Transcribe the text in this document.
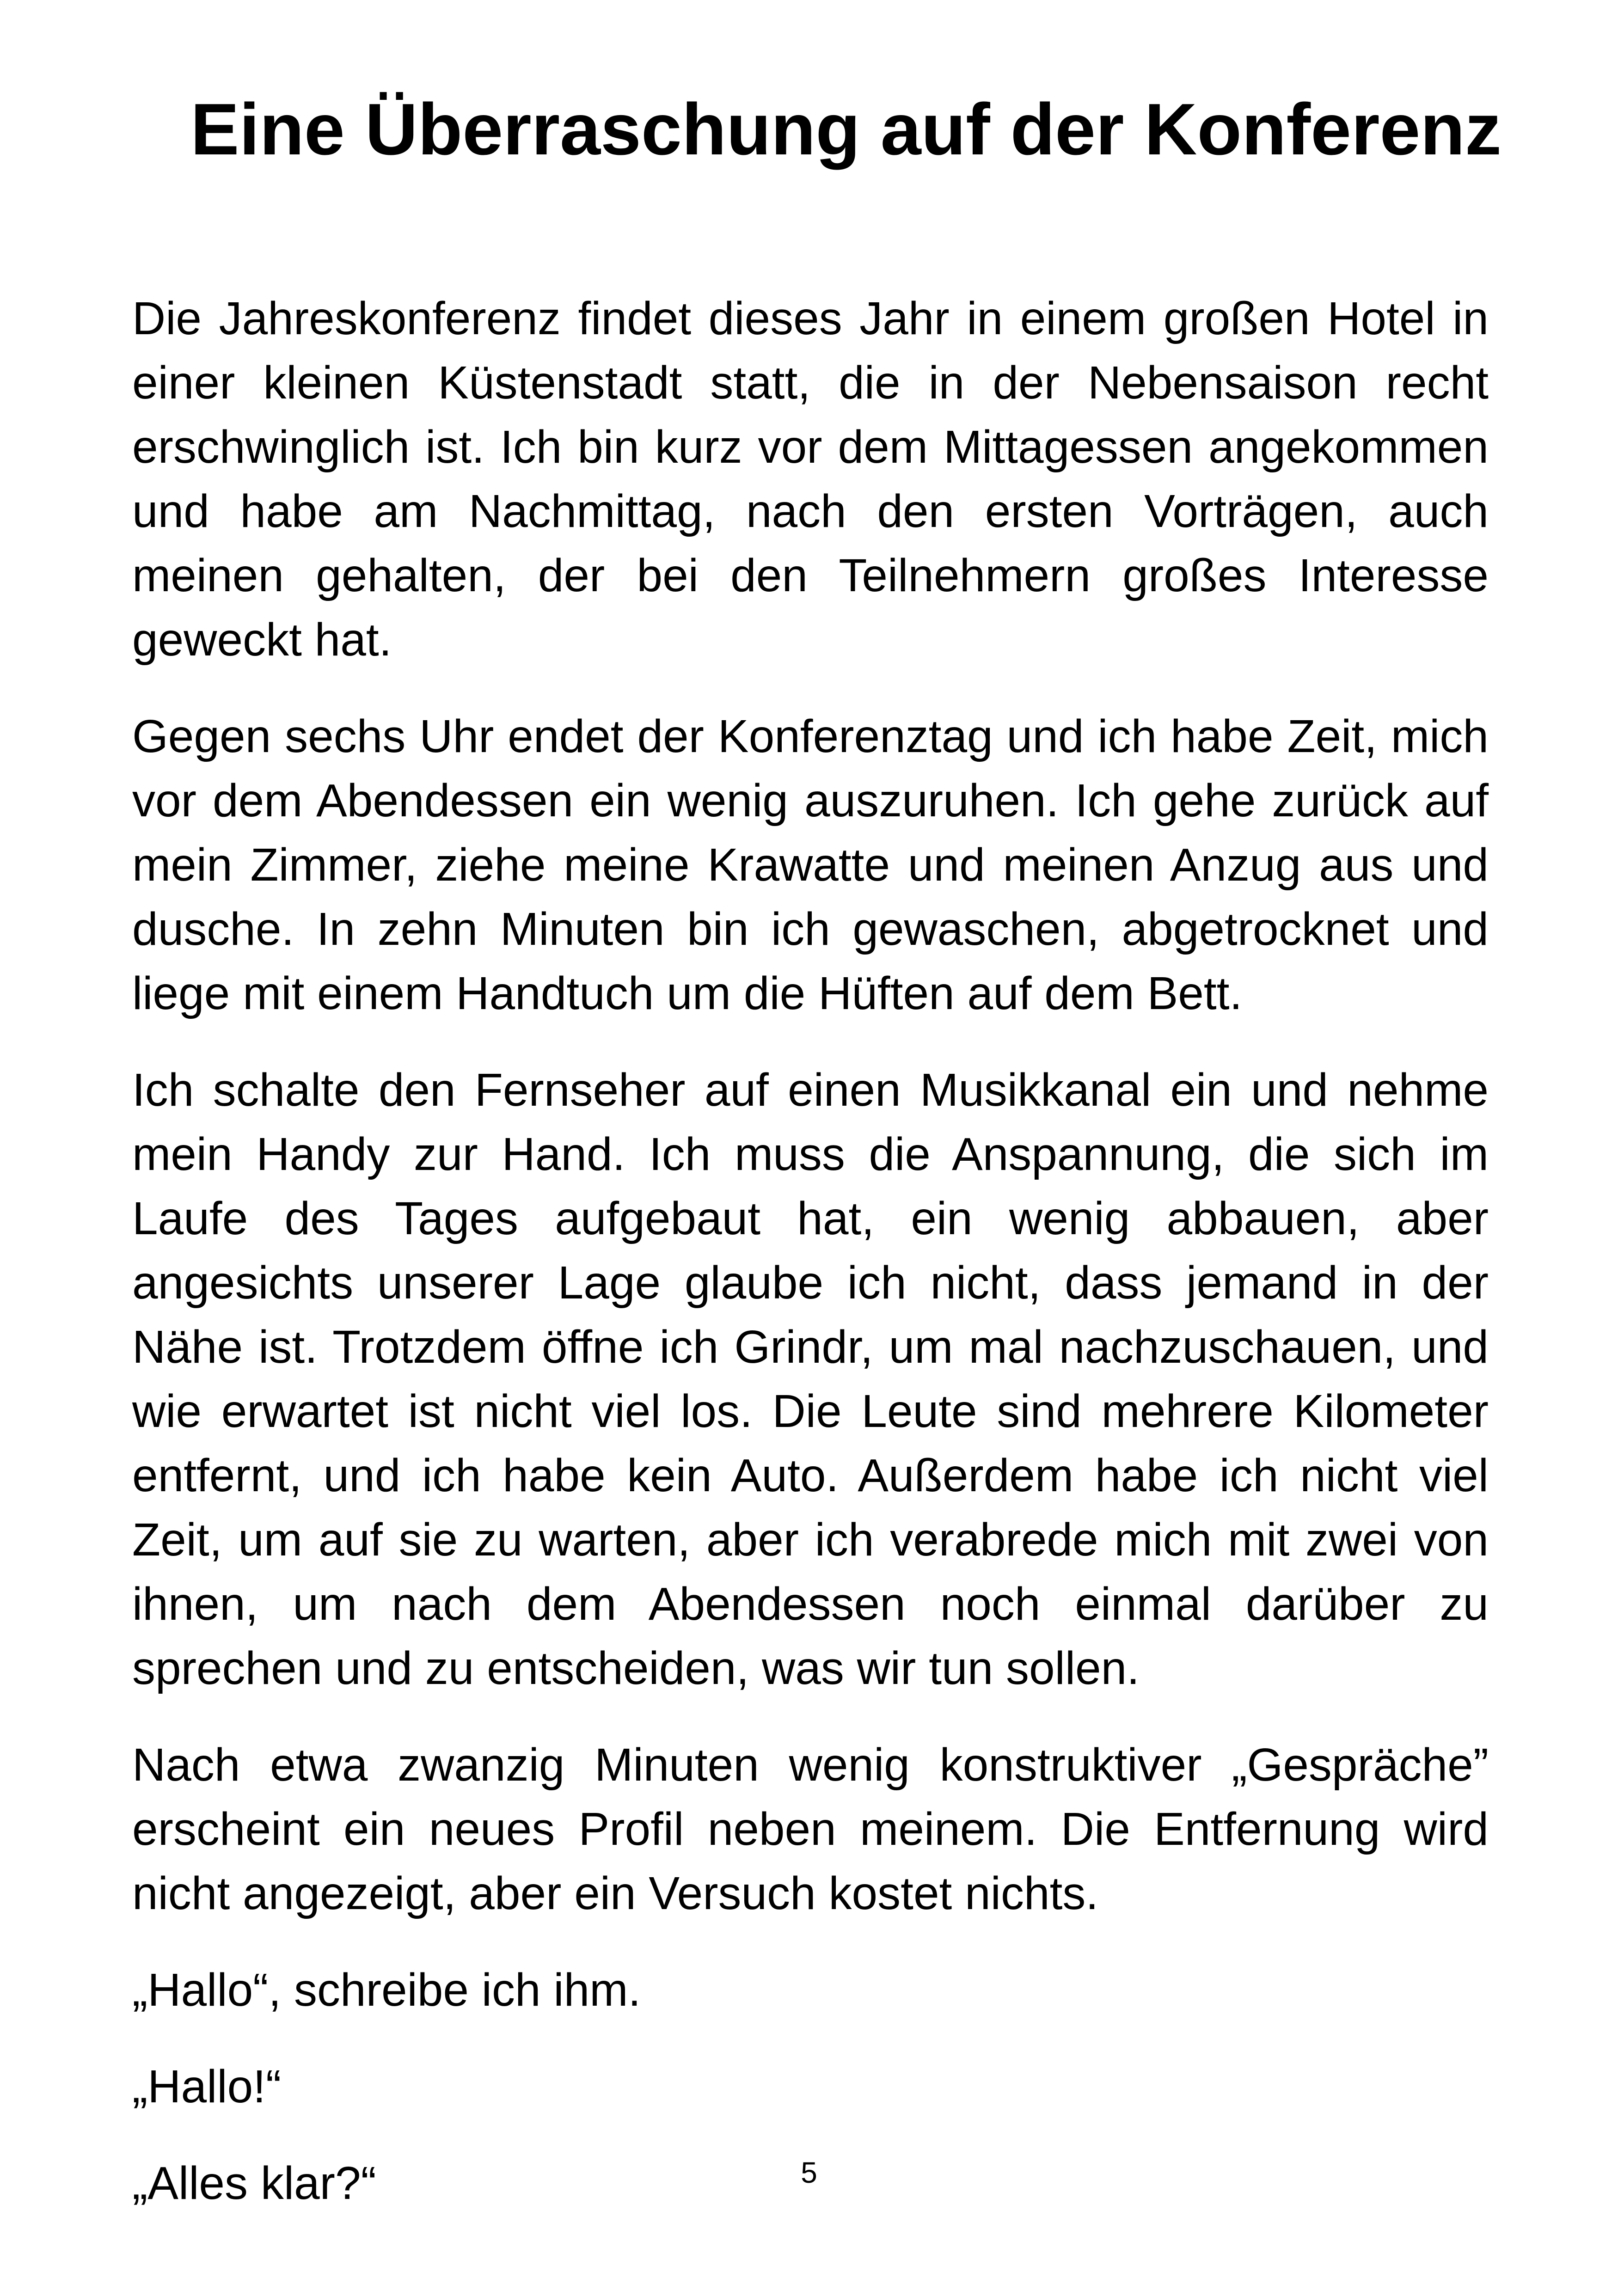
Eine Überraschung auf der Konferenz

Die Jahreskonferenz findet dieses Jahr in einem großen Hotel in einer kleinen Küstenstadt statt, die in der Nebensaison recht erschwinglich ist. Ich bin kurz vor dem Mittagessen angekommen und habe am Nachmittag, nach den ersten Vorträgen, auch meinen gehalten, der bei den Teilnehmern großes Interesse geweckt hat.

Gegen sechs Uhr endet der Konferenztag und ich habe Zeit, mich vor dem Abendessen ein wenig auszuruhen. Ich gehe zurück auf mein Zimmer, ziehe meine Krawatte und meinen Anzug aus und dusche. In zehn Minuten bin ich gewaschen, abgetrocknet und liege mit einem Handtuch um die Hüften auf dem Bett.

Ich schalte den Fernseher auf einen Musikkanal ein und nehme mein Handy zur Hand. Ich muss die Anspannung, die sich im Laufe des Tages aufgebaut hat, ein wenig abbauen, aber angesichts unserer Lage glaube ich nicht, dass jemand in der Nähe ist. Trotzdem öffne ich Grindr, um mal nachzuschauen, und wie erwartet ist nicht viel los. Die Leute sind mehrere Kilometer entfernt, und ich habe kein Auto. Außerdem habe ich nicht viel Zeit, um auf sie zu warten, aber ich verabrede mich mit zwei von ihnen, um nach dem Abendessen noch einmal darüber zu sprechen und zu entscheiden, was wir tun sollen.

Nach etwa zwanzig Minuten wenig konstruktiver „Gespräche” erscheint ein neues Profil neben meinem. Die Entfernung wird nicht angezeigt, aber ein Versuch kostet nichts.

„Hallo“, schreibe ich ihm.

„Hallo!“

„Alles klar?“	5
